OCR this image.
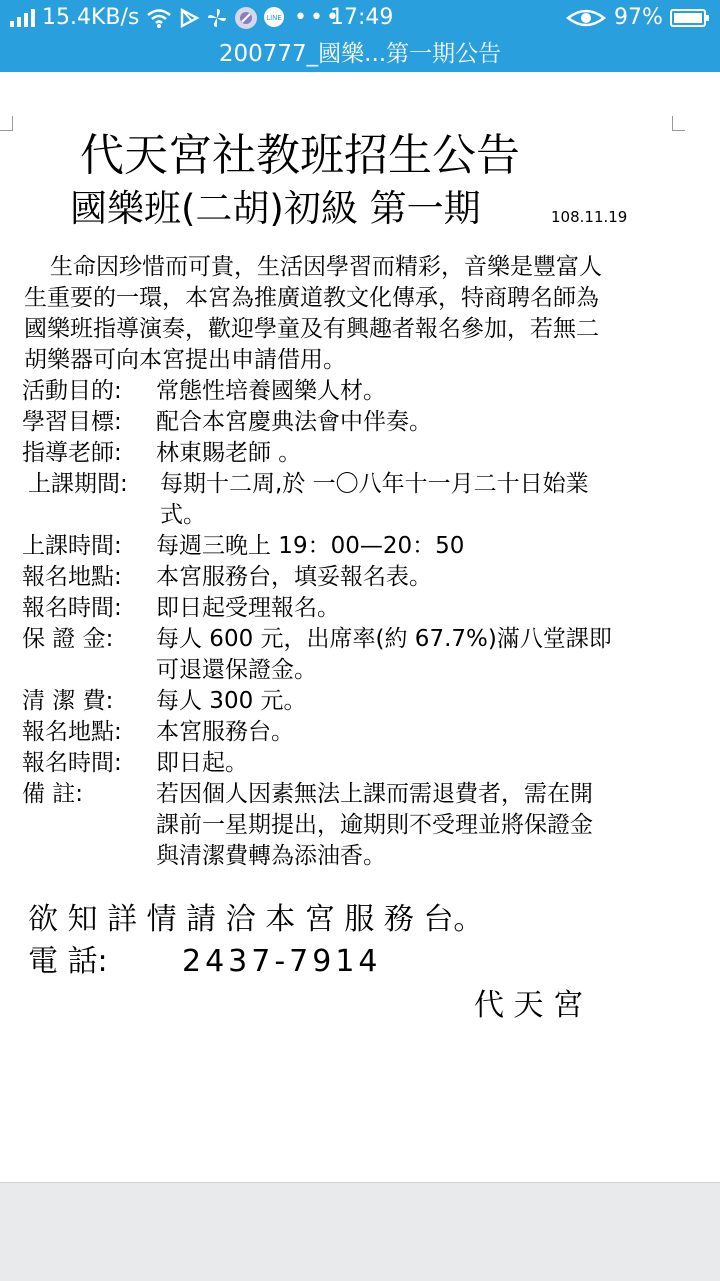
15.4KB/s	LINE •••
17:49	97%
200777_國樂...第一期公告
代天宮社教班招生公告
國樂班(二胡)初級 第一期	108.11.19
生命因珍惜而可貴，生活因學習而精彩，音樂是豐富人
生重要的一環，本宮為推廣道教文化傳承，特商聘名師為
國樂班指導演奏，歡迎學童及有興趣者報名參加，若無二
胡樂器可向本宮提出申請借用。
活動目的: 常態性培養國樂人材。
學習目標: 配合本宮慶典法會中伴奏。
指導老師: 林東賜老師 。
上課期間: 每期十二周,於 一〇八年十一月二十日始業
式。
上課時間: 每週三晚上 19：00—20：50
報名地點: 本宮服務台，填妥報名表。
報名時間: 即日起受理報名。
保 證 金: 每人 600 元，出席率(約 67.7%)滿八堂課即
可退還保證金。
清 潔 費: 每人 300 元。
報名地點: 本宮服務台。
報名時間: 即日起。
備 註:	若因個人因素無法上課而需退費者，需在開
課前一星期提出，逾期則不受理並將保證金
與清潔費轉為添油香。
欲 知 詳 情 請 洽 本 宮 服 務 台。
電 話: 2437-7914
代 天 宮
